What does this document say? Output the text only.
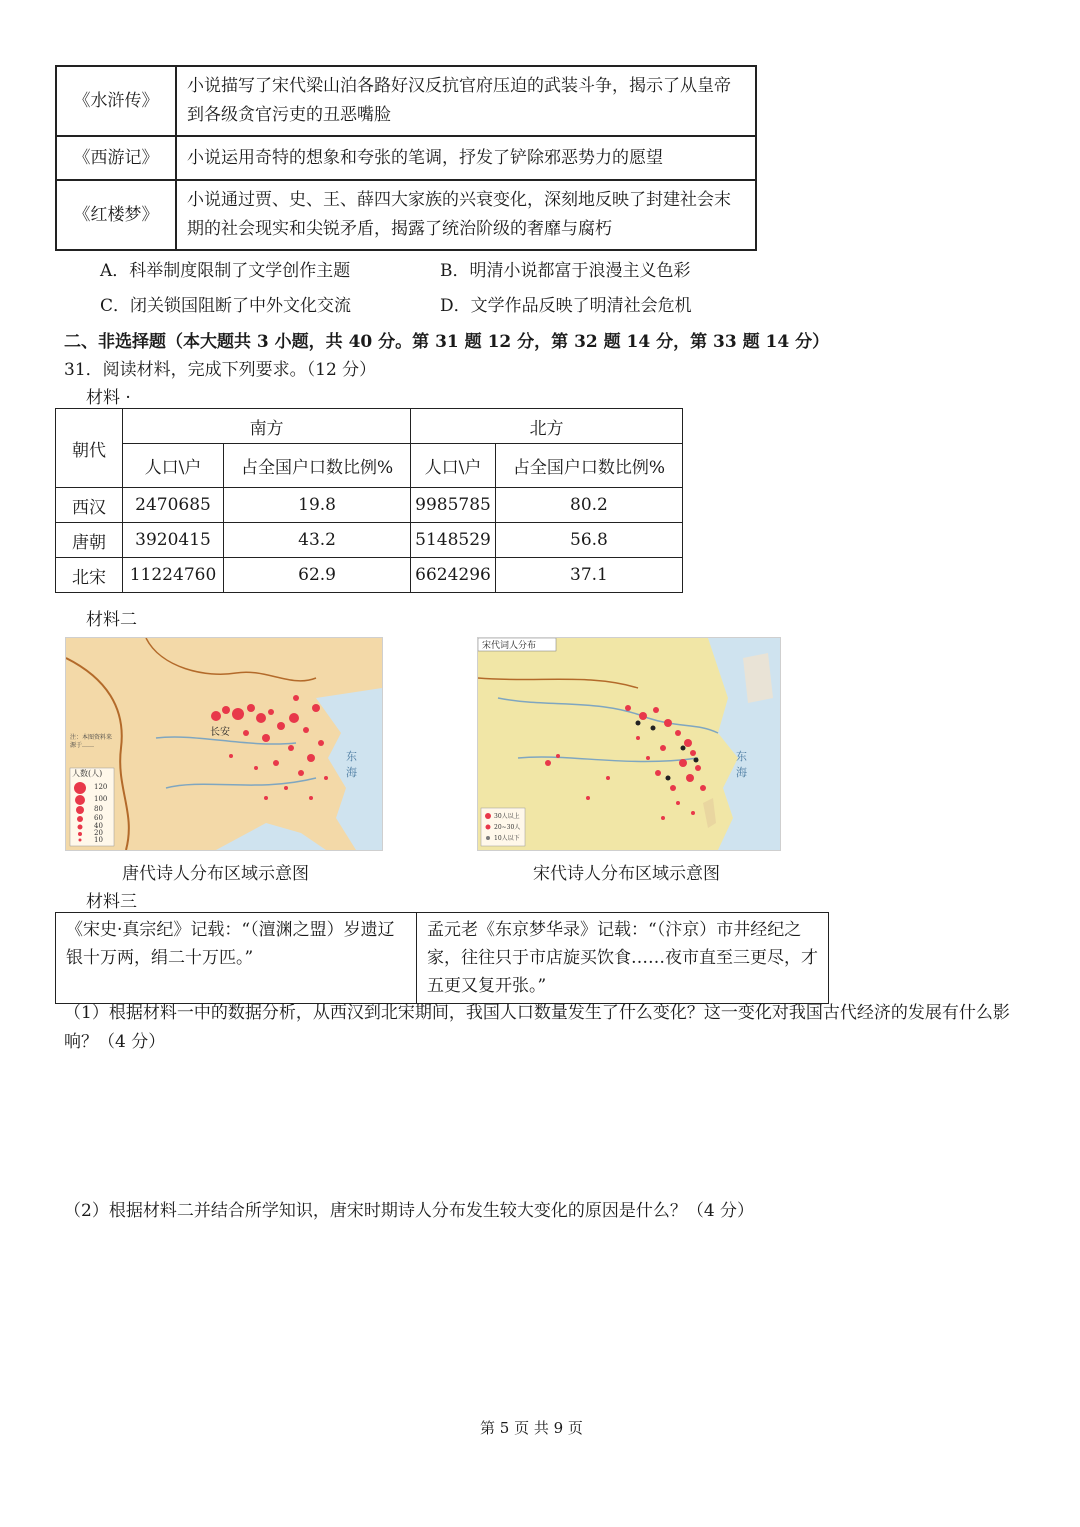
《水浒传》	小说描写了宋代梁山泊各路好汉反抗官府压迫的武装斗争，揭示了从皇帝到各级贪官污吏的丑恶嘴脸
《西游记》	小说运用奇特的想象和夸张的笔调，抒发了铲除邪恶势力的愿望
《红楼梦》	小说通过贾、史、王、薛四大家族的兴衰变化，深刻地反映了封建社会末期的社会现实和尖锐矛盾，揭露了统治阶级的奢靡与腐朽
A．科举制度限制了文学创作主题	B．明清小说都富于浪漫主义色彩
C．闭关锁国阻断了中外文化交流	D．文学作品反映了明清社会危机
二、非选择题（本大题共 3 小题，共 40 分。第 31 题 12 分，第 32 题 14 分，第 33 题 14 分）
31．阅读材料，完成下列要求。（12 分）
材料 ·
朝代	南方		北方	
	人口\户	占全国户口数比例%	人口\户	占全国户口数比例%
西汉	2470685	19.8	9985785	80.2
唐朝	3920415	43.2	5148529	56.8
北宋	11224760	62.9	6624296	37.1
材料二
长安
人数(人)
120
100
80
60
40
20
10
注：本图资料来源于……
东
海
唐代诗人分布区域示意图
宋代词人分布
30人以上
20~30人
10人以下
东
海
宋代诗人分布区域示意图
材料三
《宋史·真宗纪》记载：“（澶渊之盟）岁遗辽银十万两，绢二十万匹。”	孟元老《东京梦华录》记载：“（汴京）市井经纪之家，往往只于市店旋买饮食……夜市直至三更尽，才五更又复开张。”
（1）根据材料一中的数据分析，从西汉到北宋期间，我国人口数量发生了什么变化？这一变化对我国古代经济的发展有什么影响？（4 分）
（2）根据材料二并结合所学知识，唐宋时期诗人分布发生较大变化的原因是什么？（4 分）
第 5 页 共 9 页
